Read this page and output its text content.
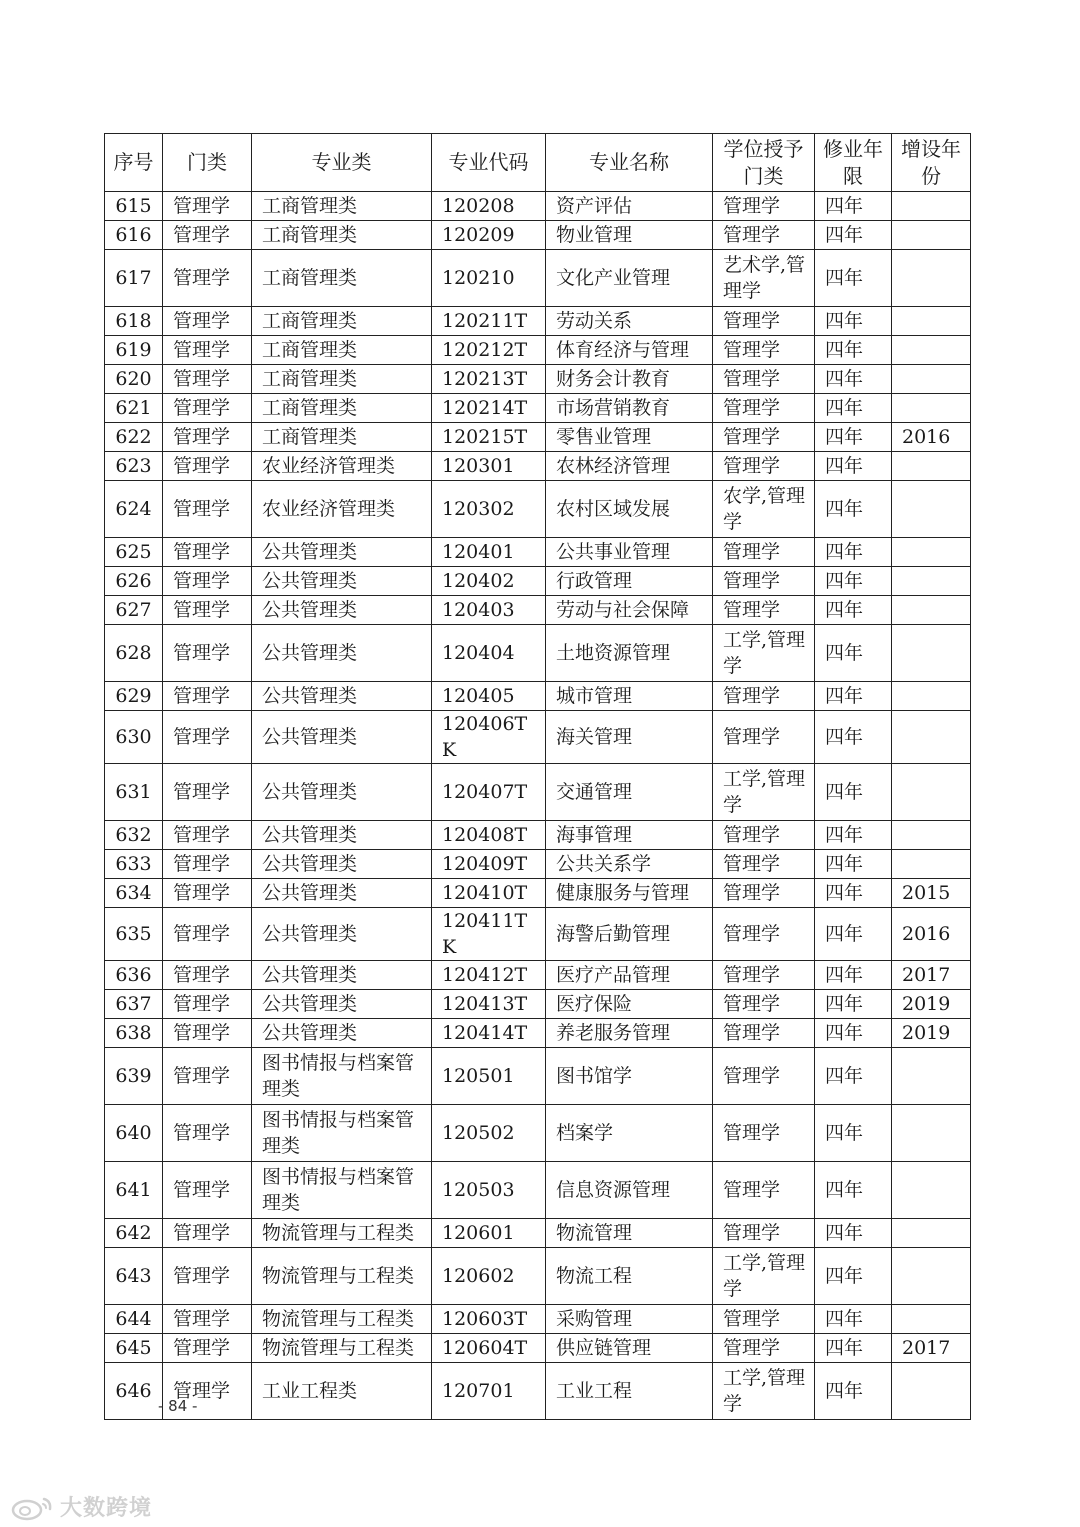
序号	门类	专业类	专业代码	专业名称	学位授予门类	修业年限	增设年份
615	管理学	工商管理类	120208	资产评估	管理学	四年	
616	管理学	工商管理类	120209	物业管理	管理学	四年	
617	管理学	工商管理类	120210	文化产业管理	艺术学,管理学	四年	
618	管理学	工商管理类	120211T	劳动关系	管理学	四年	
619	管理学	工商管理类	120212T	体育经济与管理	管理学	四年	
620	管理学	工商管理类	120213T	财务会计教育	管理学	四年	
621	管理学	工商管理类	120214T	市场营销教育	管理学	四年	
622	管理学	工商管理类	120215T	零售业管理	管理学	四年	2016
623	管理学	农业经济管理类	120301	农林经济管理	管理学	四年	
624	管理学	农业经济管理类	120302	农村区域发展	农学,管理学	四年	
625	管理学	公共管理类	120401	公共事业管理	管理学	四年	
626	管理学	公共管理类	120402	行政管理	管理学	四年	
627	管理学	公共管理类	120403	劳动与社会保障	管理学	四年	
628	管理学	公共管理类	120404	土地资源管理	工学,管理学	四年	
629	管理学	公共管理类	120405	城市管理	管理学	四年	
630	管理学	公共管理类	120406TK	海关管理	管理学	四年	
631	管理学	公共管理类	120407T	交通管理	工学,管理学	四年	
632	管理学	公共管理类	120408T	海事管理	管理学	四年	
633	管理学	公共管理类	120409T	公共关系学	管理学	四年	
634	管理学	公共管理类	120410T	健康服务与管理	管理学	四年	2015
635	管理学	公共管理类	120411TK	海警后勤管理	管理学	四年	2016
636	管理学	公共管理类	120412T	医疗产品管理	管理学	四年	2017
637	管理学	公共管理类	120413T	医疗保险	管理学	四年	2019
638	管理学	公共管理类	120414T	养老服务管理	管理学	四年	2019
639	管理学	图书情报与档案管理类	120501	图书馆学	管理学	四年	
640	管理学	图书情报与档案管理类	120502	档案学	管理学	四年	
641	管理学	图书情报与档案管理类	120503	信息资源管理	管理学	四年	
642	管理学	物流管理与工程类	120601	物流管理	管理学	四年	
643	管理学	物流管理与工程类	120602	物流工程	工学,管理学	四年	
644	管理学	物流管理与工程类	120603T	采购管理	管理学	四年	
645	管理学	物流管理与工程类	120604T	供应链管理	管理学	四年	2017
646	管理学	工业工程类	120701	工业工程	工学,管理学	四年	
- 84 -
大数跨境
